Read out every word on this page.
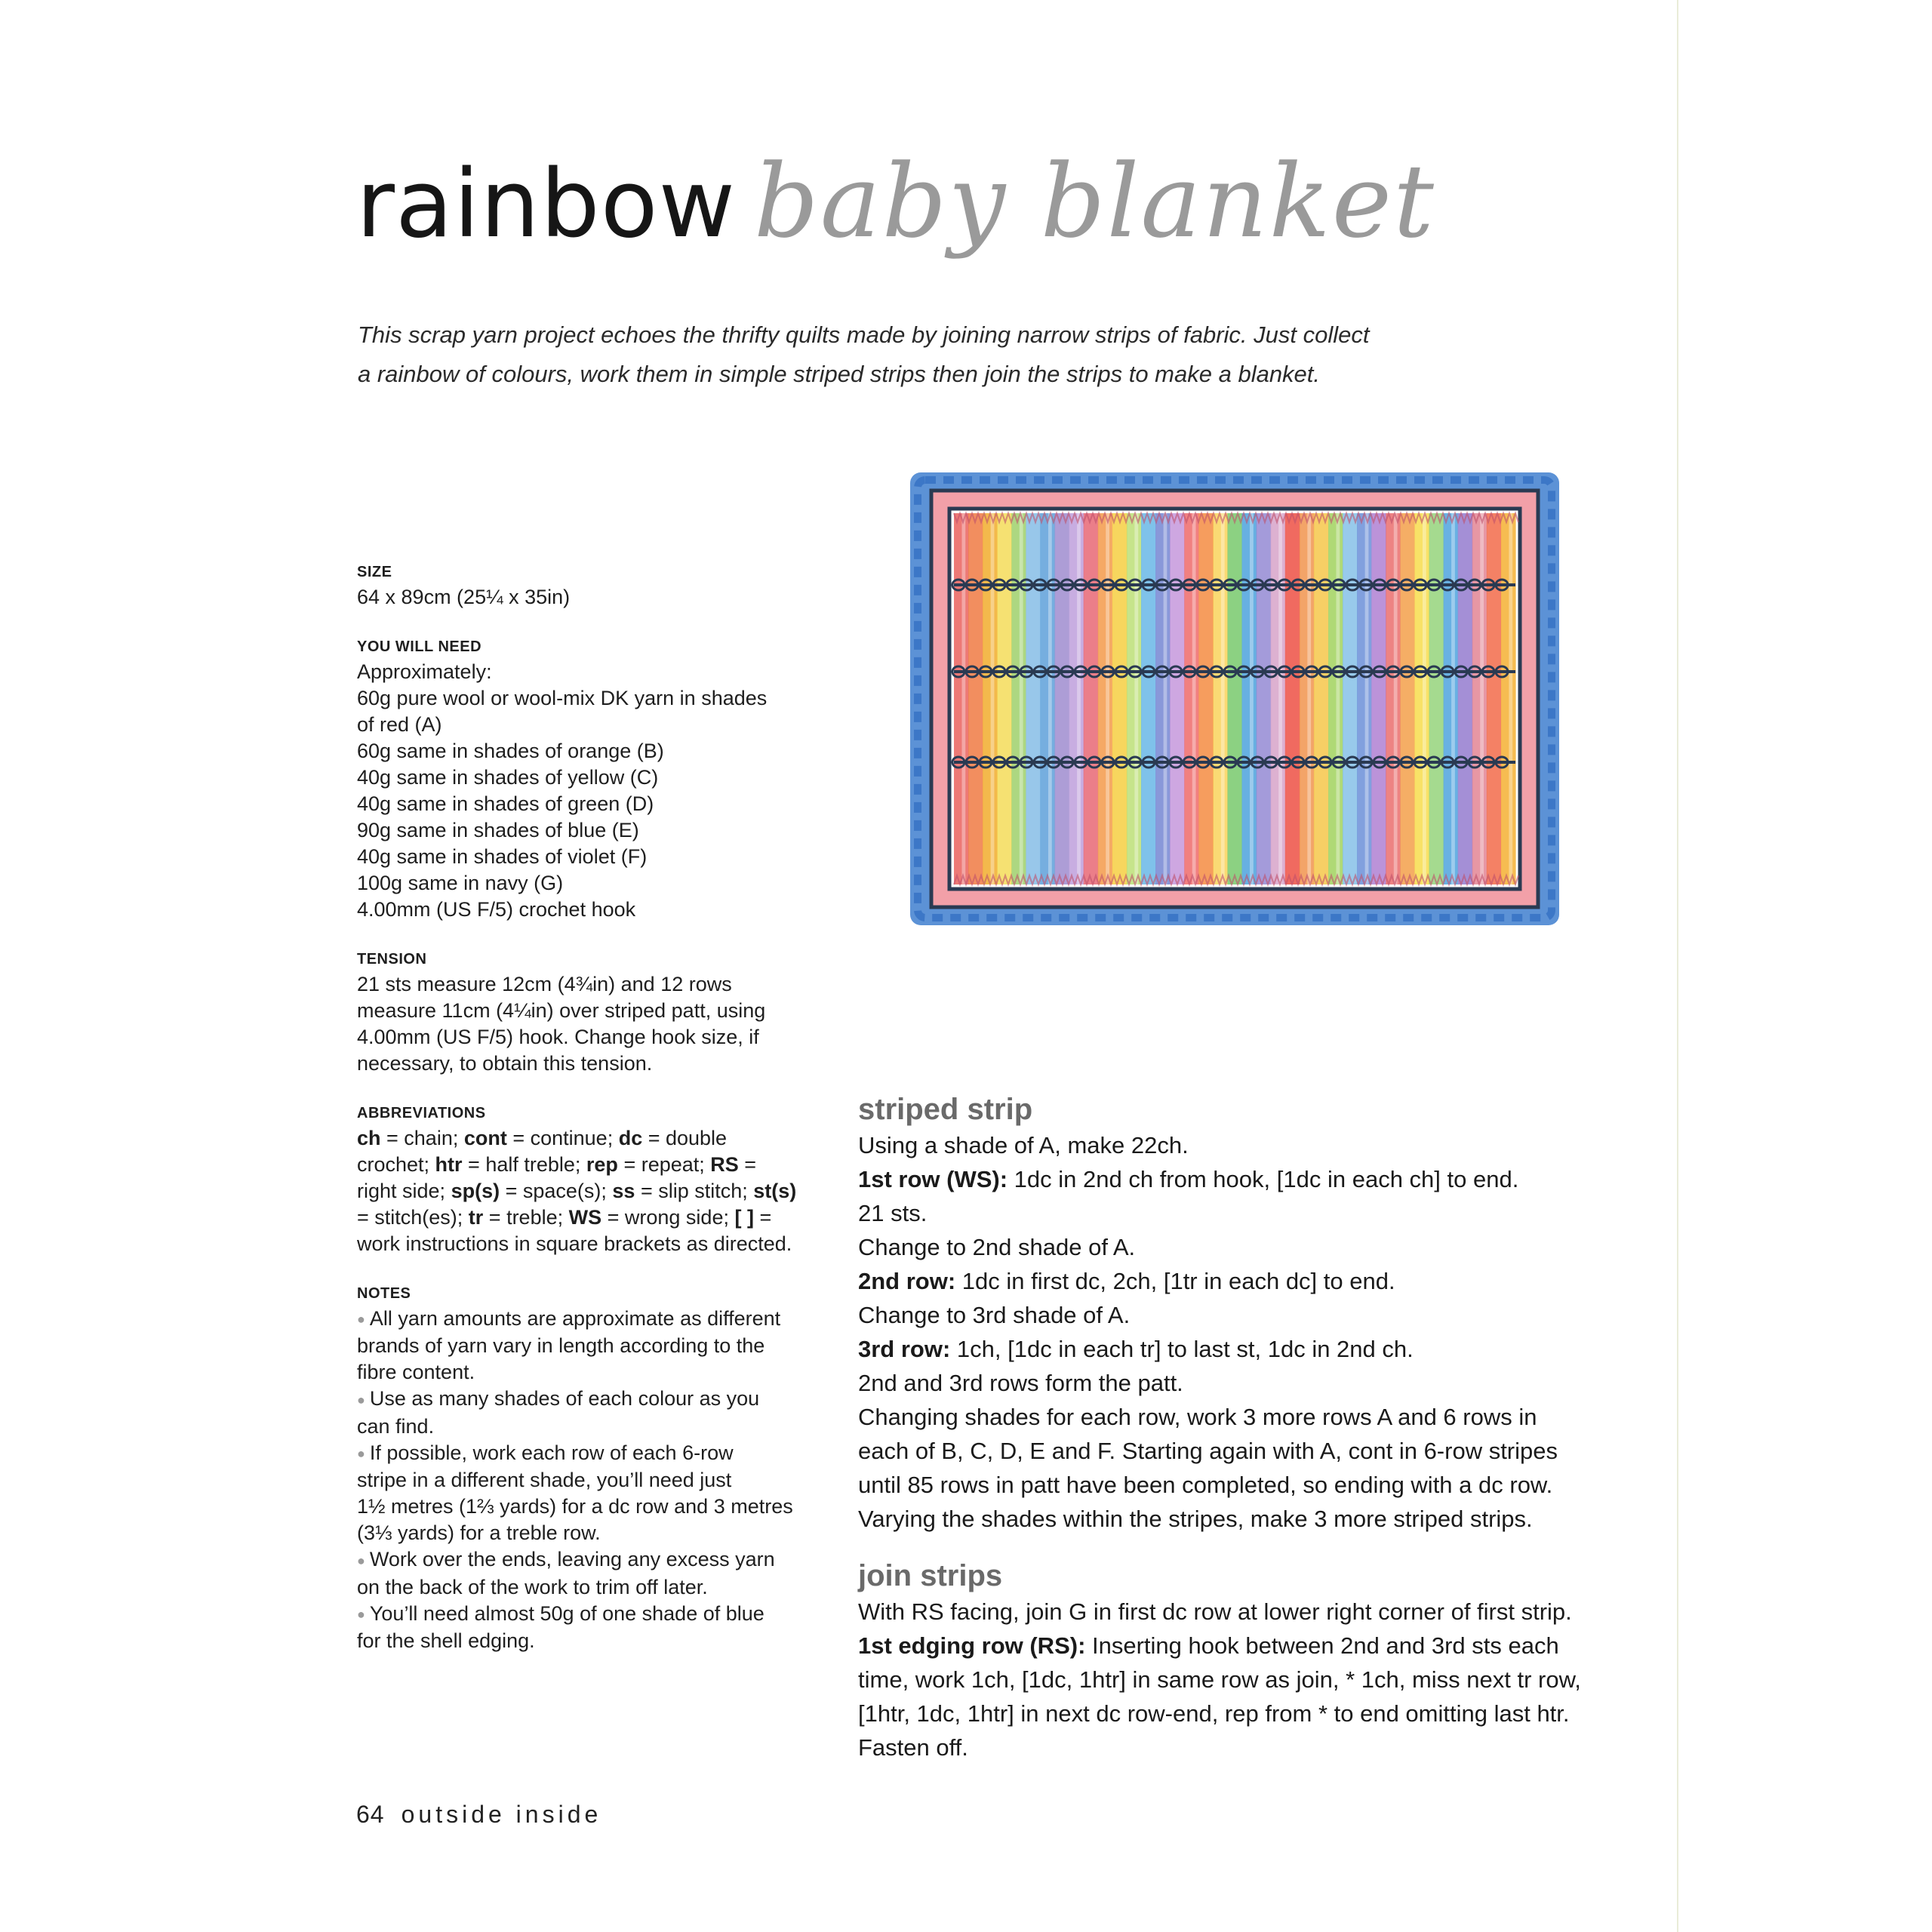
rainbow baby blanket
This scrap yarn project echoes the thrifty quilts made by joining narrow strips of fabric. Just collect
a rainbow of colours, work them in simple striped strips then join the strips to make a blanket.
SIZE
64 x 89cm (25¼ x 35in)
YOU WILL NEED
Approximately:
60g pure wool or wool-mix DK yarn in shades
of red (A)
60g same in shades of orange (B)
40g same in shades of yellow (C)
40g same in shades of green (D)
90g same in shades of blue (E)
40g same in shades of violet (F)
100g same in navy (G)
4.00mm (US F/5) crochet hook
TENSION
21 sts measure 12cm (4¾in) and 12 rows
measure 11cm (4¼in) over striped patt, using
4.00mm (US F/5) hook. Change hook size, if
necessary, to obtain this tension.
ABBREVIATIONS
ch = chain; cont = continue; dc = double
crochet; htr = half treble; rep = repeat; RS =
right side; sp(s) = space(s); ss = slip stitch; st(s)
= stitch(es); tr = treble; WS = wrong side; [ ] =
work instructions in square brackets as directed.
NOTES
● All yarn amounts are approximate as different
brands of yarn vary in length according to the
fibre content.
● Use as many shades of each colour as you
can find.
● If possible, work each row of each 6-row
stripe in a different shade, you’ll need just
1½ metres (1⅔ yards) for a dc row and 3 metres
(3⅓ yards) for a treble row.
● Work over the ends, leaving any excess yarn
on the back of the work to trim off later.
● You’ll need almost 50g of one shade of blue
for the shell edging.
striped strip
Using a shade of A, make 22ch.
1st row (WS): 1dc in 2nd ch from hook, [1dc in each ch] to end.
21 sts.
Change to 2nd shade of A.
2nd row: 1dc in first dc, 2ch, [1tr in each dc] to end.
Change to 3rd shade of A.
3rd row: 1ch, [1dc in each tr] to last st, 1dc in 2nd ch.
2nd and 3rd rows form the patt.
Changing shades for each row, work 3 more rows A and 6 rows in
each of B, C, D, E and F. Starting again with A, cont in 6-row stripes
until 85 rows in patt have been completed, so ending with a dc row.
Varying the shades within the stripes, make 3 more striped strips.
join strips
With RS facing, join G in first dc row at lower right corner of first strip.
1st edging row (RS): Inserting hook between 2nd and 3rd sts each
time, work 1ch, [1dc, 1htr] in same row as join, * 1ch, miss next tr row,
[1htr, 1dc, 1htr] in next dc row-end, rep from * to end omitting last htr.
Fasten off.
64 outside inside
